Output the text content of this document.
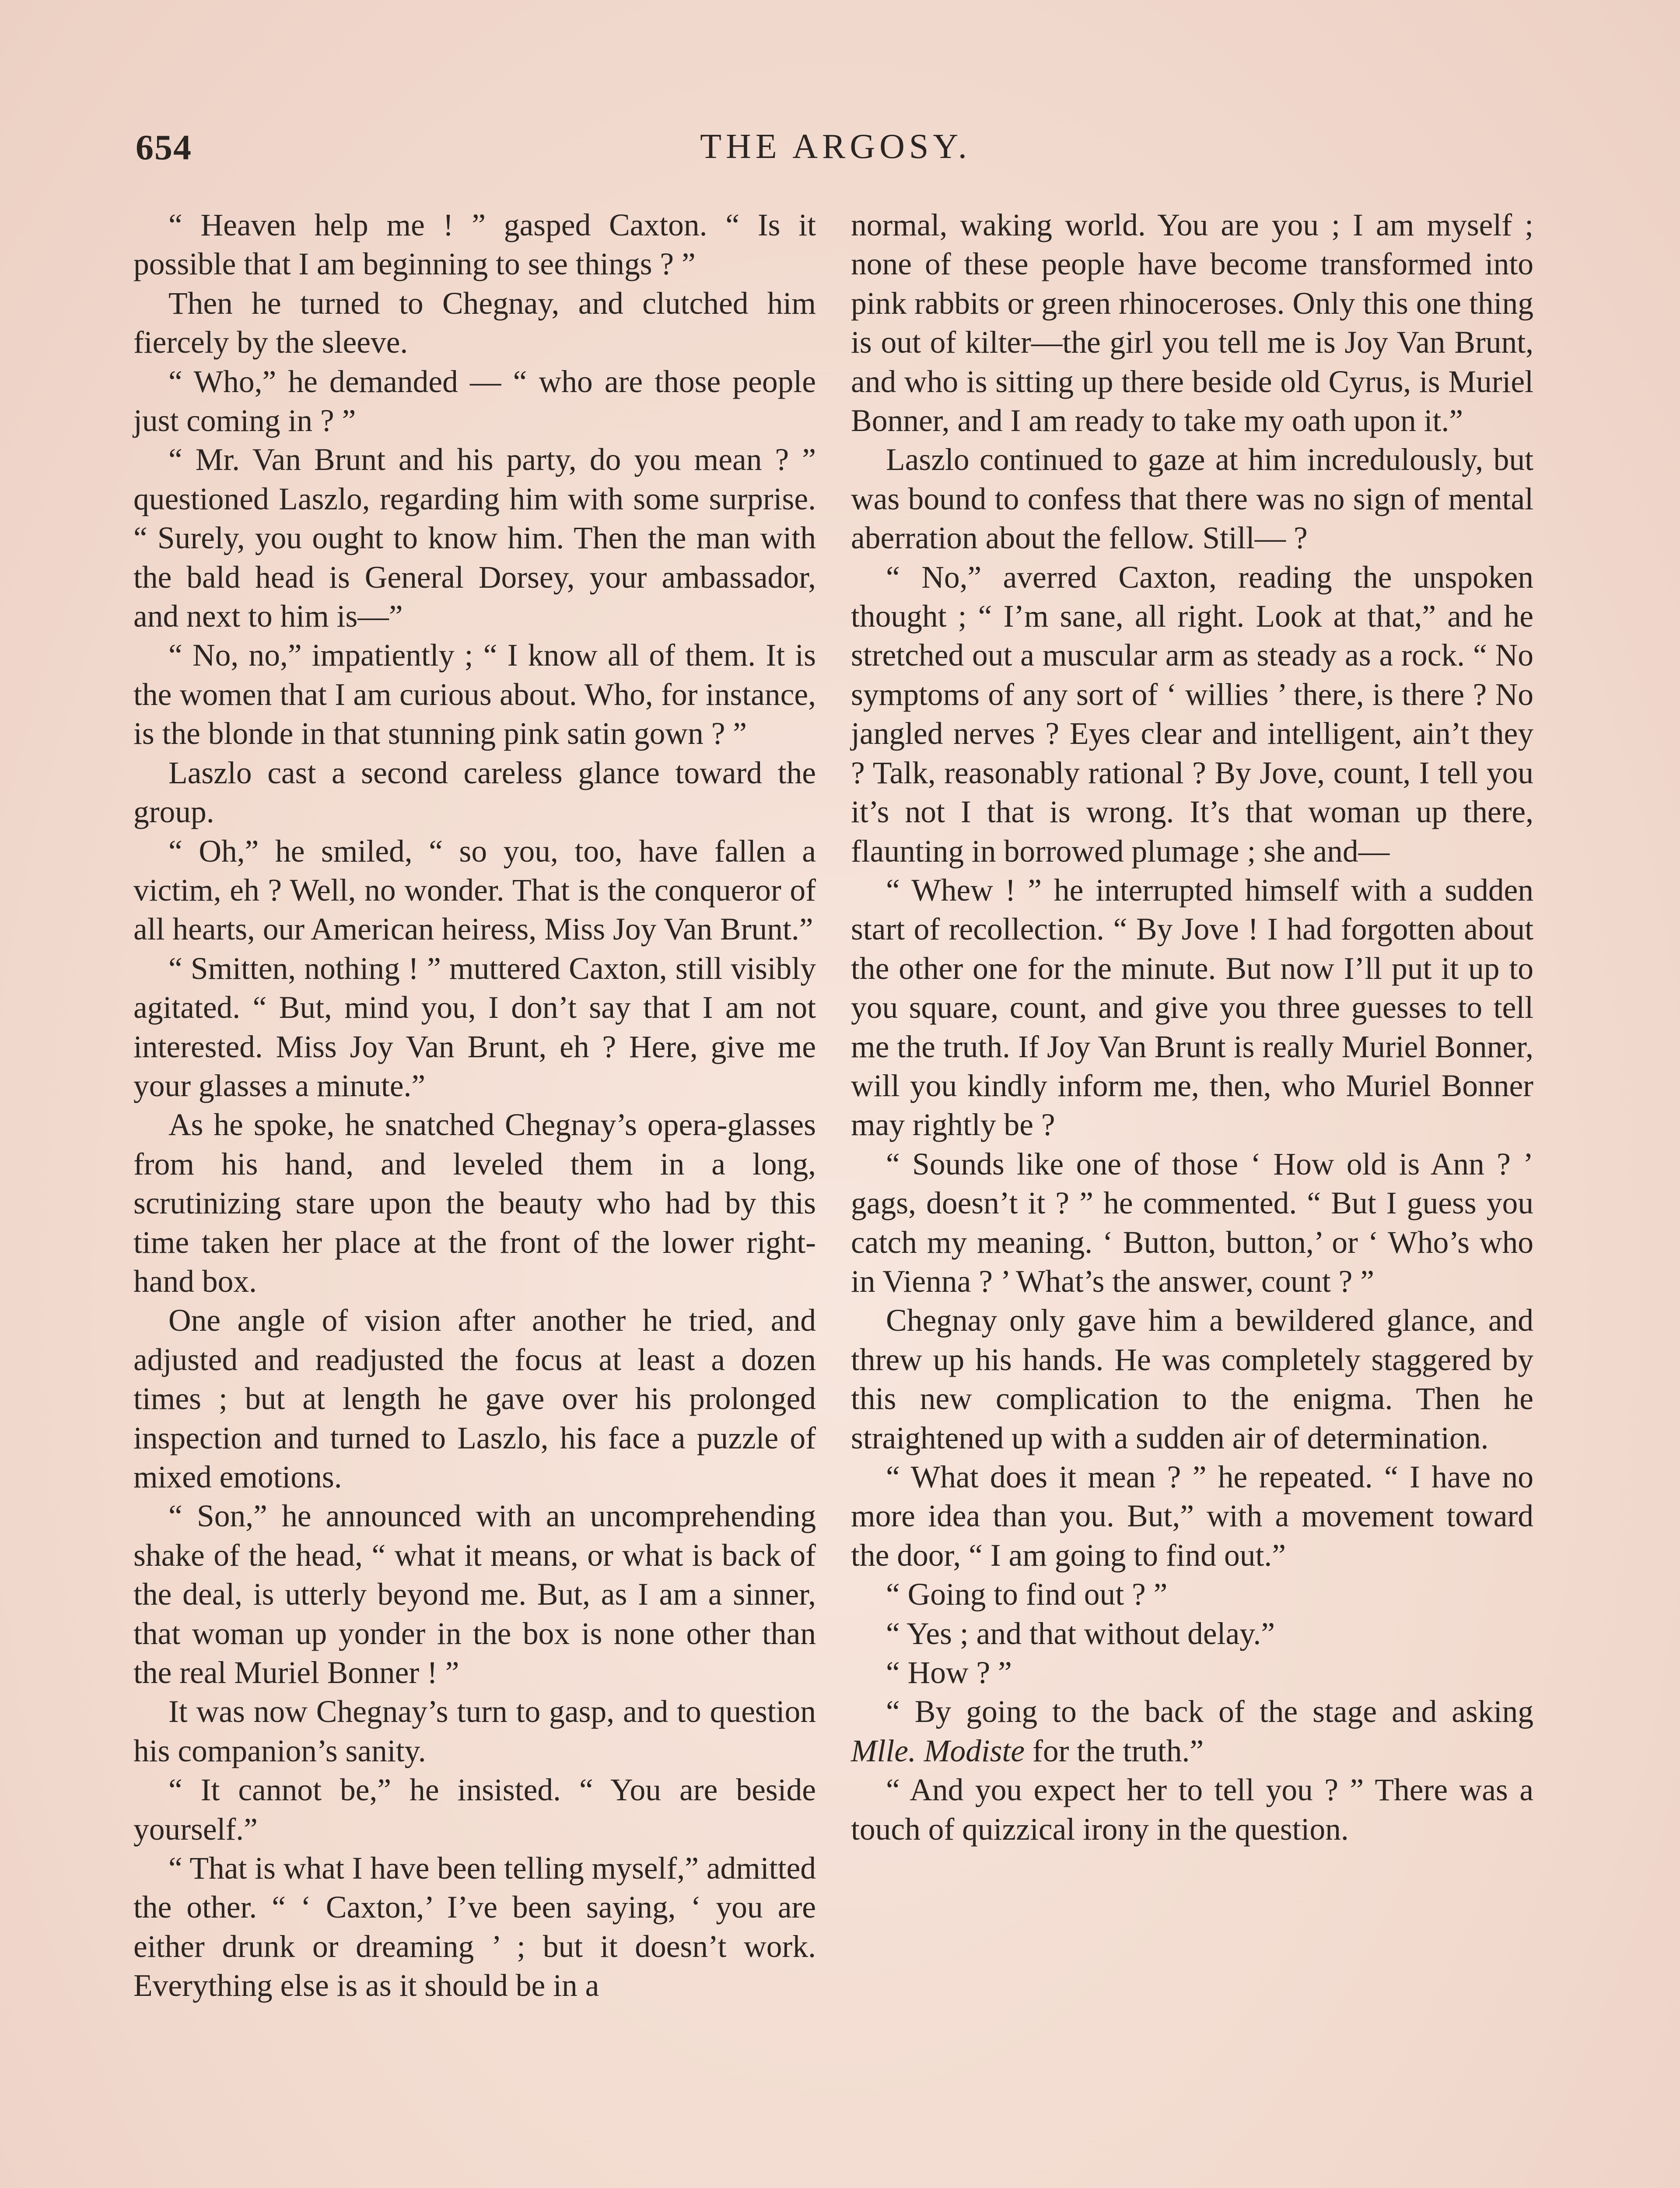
654	THE ARGOSY.

“ Heaven help me ! ” gasped Caxton. “ Is it possible that I am beginning to see things ? ”

Then he turned to Chegnay, and clutched him fiercely by the sleeve.

“ Who,” he demanded — “ who are those people just coming in ? ”

“ Mr. Van Brunt and his party, do you mean ? ” questioned Laszlo, regarding him with some surprise. “ Surely, you ought to know him. Then the man with the bald head is General Dorsey, your ambassador, and next to him is—”

“ No, no,” impatiently ; “ I know all of them. It is the women that I am curious about. Who, for instance, is the blonde in that stunning pink satin gown ? ”

Laszlo cast a second careless glance toward the group.

“ Oh,” he smiled, “ so you, too, have fallen a victim, eh ? Well, no wonder. That is the conqueror of all hearts, our American heiress, Miss Joy Van Brunt.”

“ Smitten, nothing ! ” muttered Caxton, still visibly agitated. “ But, mind you, I don’t say that I am not interested. Miss Joy Van Brunt, eh ? Here, give me your glasses a minute.”

As he spoke, he snatched Chegnay’s opera-glasses from his hand, and leveled them in a long, scrutinizing stare upon the beauty who had by this time taken her place at the front of the lower right-hand box.

One angle of vision after another he tried, and adjusted and readjusted the focus at least a dozen times ; but at length he gave over his prolonged inspection and turned to Laszlo, his face a puzzle of mixed emotions.

“ Son,” he announced with an uncomprehending shake of the head, “ what it means, or what is back of the deal, is utterly beyond me. But, as I am a sinner, that woman up yonder in the box is none other than the real Muriel Bonner ! ”

It was now Chegnay’s turn to gasp, and to question his companion’s sanity.

“ It cannot be,” he insisted. “ You are beside yourself.”

“ That is what I have been telling myself,” admitted the other. “ ‘ Caxton,’ I’ve been saying, ‘ you are either drunk or dreaming ’ ; but it doesn’t work. Everything else is as it should be in a

normal, waking world. You are you ; I am myself ; none of these people have become transformed into pink rabbits or green rhinoceroses. Only this one thing is out of kilter—the girl you tell me is Joy Van Brunt, and who is sitting up there beside old Cyrus, is Muriel Bonner, and I am ready to take my oath upon it.”

Laszlo continued to gaze at him incredulously, but was bound to confess that there was no sign of mental aberration about the fellow. Still— ?

“ No,” averred Caxton, reading the unspoken thought ; “ I’m sane, all right. Look at that,” and he stretched out a muscular arm as steady as a rock. “ No symptoms of any sort of ‘ willies ’ there, is there ? No jangled nerves ? Eyes clear and intelligent, ain’t they ? Talk, reasonably rational ? By Jove, count, I tell you it’s not I that is wrong. It’s that woman up there, flaunting in borrowed plumage ; she and—

“ Whew ! ” he interrupted himself with a sudden start of recollection. “ By Jove ! I had forgotten about the other one for the minute. But now I’ll put it up to you square, count, and give you three guesses to tell me the truth. If Joy Van Brunt is really Muriel Bonner, will you kindly inform me, then, who Muriel Bonner may rightly be ?

“ Sounds like one of those ‘ How old is Ann ? ’ gags, doesn’t it ? ” he commented. “ But I guess you catch my meaning. ‘ Button, button,’ or ‘ Who’s who in Vienna ? ’ What’s the answer, count ? ”

Chegnay only gave him a bewildered glance, and threw up his hands. He was completely staggered by this new complication to the enigma. Then he straightened up with a sudden air of determination.

“ What does it mean ? ” he repeated. “ I have no more idea than you. But,” with a movement toward the door, “ I am going to find out.”

“ Going to find out ? ”

“ Yes ; and that without delay.”

“ How ? ”

“ By going to the back of the stage and asking Mlle. Modiste for the truth.”

“ And you expect her to tell you ? ” There was a touch of quizzical irony in the question.
